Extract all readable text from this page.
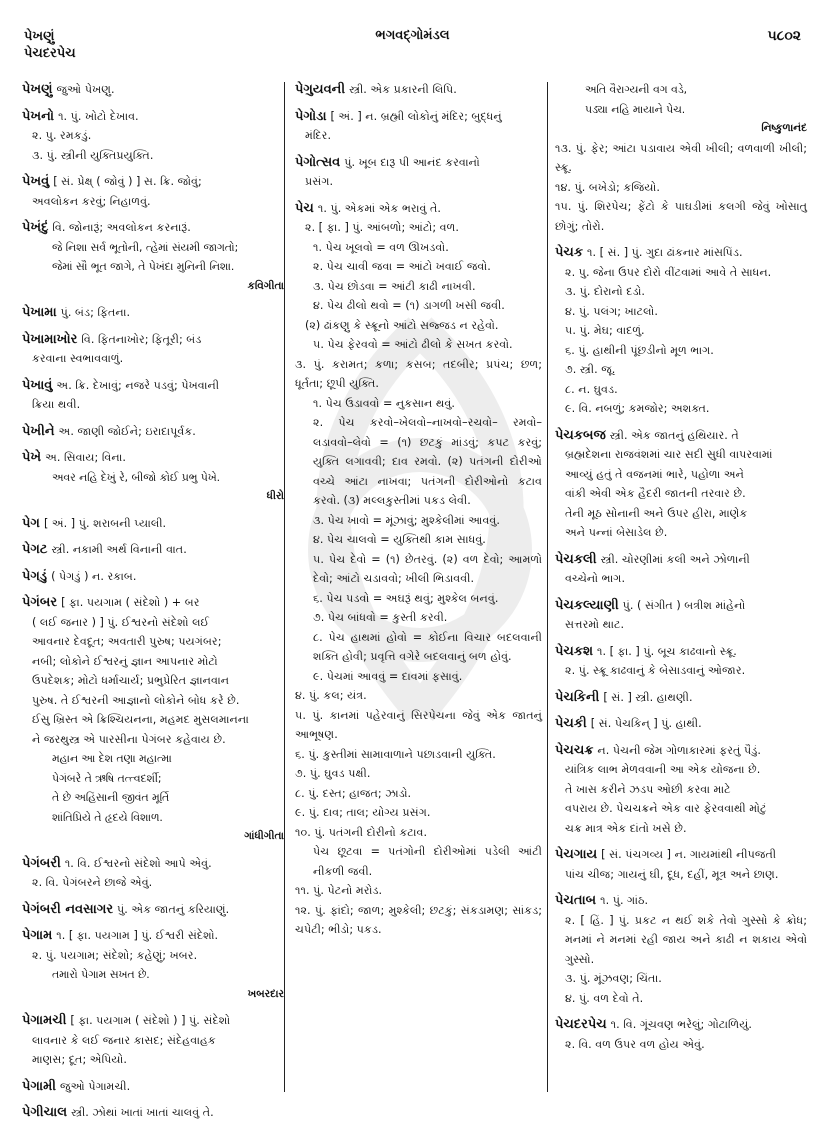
પેખણું
પેચદરપેચ
ભગવદ્ગોમંડલ	૫૮૦૨
પેખણું જુઓ પેખણુ.
પેખનો ૧. પું. ખોટો દેખાવ.
૨. પુ. રમકડું.
૩. પું. સ્ત્રીની યુક્તિપ્રયુક્તિ.
પેખવું [ સં. પ્રેક્ષ્ ( જોવું ) ] સ. ક્રિ. જોવું;
અવલોકન કરવું; નિહાળવું.
પેખંદું વિ. જોનારૂં; અવલોકન કરનારૂં.
જે નિશા સર્વ ભૂતોની, ત્હેમાં સંયમી જાગતો;
જેમાં સૌ ભૂત જાગે, તે પેખંદા મુનિની નિશા.
કવિગીતા
પેખામા પું. બંડ; ફિતના.
પેખામાખોર વિ. ફિતનાખોર; ફિતૂરી; બંડ
કરવાના સ્વભાવવાળું.
પેખાવું અ. ક્રિ. દેખાવું; નજરે પડવું; પેખવાની
ક્રિયા થવી.
પેખીને અ. જાણી જોઈને; ઇરાદાપૂર્વક.
પેખે અ. સિવાય; વિના.
અવર નહિ દેખું રે, બીજો કોઈ પ્રભુ પેખે.
ધીરો
પેગ [ અં. ] પું. શરાબની પ્યાલી.
પેગટ સ્ત્રી. નકામી અર્થ વિનાની વાત.
પેગડું ( પેગડું ) ન. રકાબ.
પેગંબર [ ફા. પયગામ ( સંદેશો ) + બર
( લઈ જનાર ) ] પું. ઈશ્વરનો સંદેશો લઈ
આવનાર દેવદૂત; અવતારી પુરુષ; પયગંબર;
નબી; લોકોને ઈશ્વરનું જ્ઞાન આપનાર મોટો
ઉપદેશક; મોટો ધર્માચાર્ય; પ્રભુપ્રેરિત જ્ઞાનવાન
પુરુષ. તે ઈશ્વરની આજ્ઞાનો લોકોને બોધ કરે છે.
ઈસુ ખ્રિસ્ત એ ક્રિશ્ચિયનના, મહમદ મુસલમાનના
ને જરથુસ્ત્ર એ પારસીના પેગંબર કહેવાય છે.
મહાન આ દેશ તણા મહાત્મા
પેગંબરે તે ઋષિ તત્ત્વદર્શી;
તે છે અહિંસાની જીવંત મૂર્તિ
શાંતિપ્રિયે તે હૃદયે વિશાળ.
ગાંધીગીતા
પેગંબરી ૧. વિ. ઈશ્વરનો સંદેશો આપે એવું.
૨. વિ. પેગંબરને છાજે એવું.
પેગંબરી નવસાગર પું. એક જાતનું કરિયાણું.
પેગામ ૧. [ ફા. પયગામ ] પું. ઈશ્વરી સંદેશો.
૨. પું. પયગામ; સંદેશો; કહેણું; ખબર.
તમારો પેગામ સખત છે.
ખબરદાર
પેગામચી [ ફા. પયગામ ( સંદેશો ) ] પું. સંદેશો
લાવનાર કે લઈ જનાર કાસદ; સંદેહવાહક
માણસ; દૂત; એપિયો.
પેગામી જુઓ પેગામચી.
પેગીચાલ સ્ત્રી. ઝોથાં ખાતાં ખાતાં ચાલવું તે.
પેગુયવની સ્ત્રી. એક પ્રકારની લિપિ.
પેગોડા [ અં. ] ન. બ્રહ્મી લોકોનું મંદિર; બુદ્ધનું
મંદિર.
પેગોત્સવ પું. ખૂબ દારૂ પી આનંદ કરવાનો
પ્રસંગ.
પેચ ૧. પું. એકમાં એક ભરાવું તે.
૨. [ ફા. ] પું. આંબળો; આંટો; વળ.
૧. પેચ ખૂલવો = વળ ઊખડવો.
૨. પેચ ચાવી જવા = આંટો ખવાઈ જવો.
૩. પેચ છોડવા = આંટી કાઢી નાખવી.
૪. પેચ ઢીલો થવો = (૧) ડાગળી ખસી જવી.
(૨) ઢાંકણુ કે સ્ક્રૂનો આંટો સજ્જડ ન રહેવો.
૫. પેચ ફેરવવો = આંટો ઢીલો કે સખત કરવો.
૩. પું. કરામત; કળા; કસબ; તદબીર; પ્રપંચ; છળ; ધૂર્તતા; છૂપી યુક્તિ.
૧. પેચ ઉડાવવો = નુકસાન થવું.
૨. પેચ કરવો–ખેલવો–નાખવો–રચવો– રમવો–લડાવવો–લેવો = (૧) છટકું માંડવું; કપટ કરવું; યુક્તિ લગાવવી; દાવ રમવો. (૨) પતંગની દોરીઓ વચ્ચે આંટા નાખવા; પતંગની દોરીઓનો કટાવ કરવો. (૩) મલ્લકુસ્તીમાં પકડ લેવી.
૩. પેચ ખાવો = મૂંઝાવું; મુશ્કેલીમાં આવવું.
૪. પેચ ચાલવો = યુક્તિથી કામ સાધવું.
૫. પેચ દેવો = (૧) છેતરવું. (૨) વળ દેવો; આમળો દેવો; આંટો ચડાવવો; ખીલી ભિડાવવી.
૬. પેચ પડવો = અઘરૂં થવું; મુશ્કેલ બનવું.
૭. પેચ બાંધવો = કુસ્તી કરવી.
૮. પેચ હાથમાં હોવો = કોઈના વિચાર બદલવાની શક્તિ હોવી; પ્રવૃત્તિ વગેરે બદલવાનું બળ હોવું.
૯. પેચમાં આવવું = દાવમાં ફસાવું.
૪. પું. કલ; યંત્ર.
૫. પું. કાનમાં પહેરવાનું સિરપેચના જેવું એક જાતનું આભૂષણ.
૬. પું. કુસ્તીમાં સામાવાળાને પછાડવાની યુક્તિ.
૭. પું. ઘુવડ પક્ષી.
૮. પું. દસ્ત; હાજત; ઝાડો.
૯. પું. દાવ; તાલ; યોગ્ય પ્રસંગ.
૧૦. પું. પતંગની દોરીનો કટાવ.
પેચ છૂટવા = પતંગોની દોરીઓમાં પડેલી આંટી નીકળી જવી.
૧૧. પું. પેટનો મરોડ.
૧૨. પું. ફાંદો; જાળ; મુશ્કેલી; છટકું; સંકડામણ; સાંકડ; ચપેટી; ભીડો; પકડ.
અતિ વૈરાગ્યની વગ વડે,
પડ્યા નહિ માયાને પેચ.
નિષ્કુળાનંદ
૧૩. પું. ફેર; આંટા પડાવાય એવી ખીલી; વળવાળી ખીલી; સ્ક્રૂ.
૧૪. પું. બખેડો; કજિયો.
૧૫. પું. શિરપેચ; ફેંટો કે પાઘડીમાં કલગી જેવું ખોસાતુ છોગું; તોરો.
પેચક ૧. [ સં. ] પું. ગુદા ઢાંકનાર માંસપિંડ.
૨. પુ. જેના ઉપર દોરો વીંટવામાં આવે તે સાધન.
૩. પું. દોરાનો દડો.
૪. પું. પલંગ; ખાટલો.
૫. પું. મેઘ; વાદળું.
૬. પું. હાથીની પૂંછડીનો મૂળ ભાગ.
૭. સ્ત્રી. જૂ.
૮. ન. ઘુવડ.
૯. વિ. નબળું; કમજોર; અશક્ત.
પેચકબજ સ્ત્રી. એક જાતનું હથિયાર. તે
બ્રહ્મદેશના રાજવંશમાં ચાર સદી સુધી વાપરવામાં
આવ્યું હતું તે વજનમાં ભારે, પહોળા અને
વાંકી એવી એક હૈદરી જાતની તરવાર છે.
તેની મૂઠ સોનાની અને ઉપર હીરા, માણેક
અને પન્નાં બેસાડેલ છે.
પેચકલી સ્ત્રી. ચોરણીમાં કલી અને ઝોળાની
વચ્ચેનો ભાગ.
પેચકલ્યાણી પું. ( સંગીત ) બત્રીશ માંહેનો
સત્તરમો થાટ.
પેચકશ ૧. [ ફા. ] પું. બૂચ કાઢવાનો સ્ક્રૂ.
૨. પું. સ્ક્રૂ કાઢવાનું કે બેસાડવાનું ઓજાર.
પેચકિની [ સં. ] સ્ત્રી. હાથણી.
પેચકી [ સં. પેચકિન્ ] પું. હાથી.
પેચચક્ર ન. પેચની જેમ ગોળાકારમાં ફરતું પૈડું.
યાંત્રિક લાભ મેળવવાની આ એક યોજના છે.
તે ખાસ કરીને ઝડપ ઓછી કરવા માટે
વપરાય છે. પેચચક્રને એક વાર ફેરવવાથી મોટું
ચક્ર માત્ર એક દાંતો ખસે છે.
પેચગાય [ સં. પંચગવ્ય ] ન. ગાયમાંથી નીપજતી
પાંચ ચીજ; ગાયનું ઘી, દૂધ, દહીં, મૂત્ર અને છાણ.
પેચતાબ ૧. પું. ગાંઠ.
૨. [ હિં. ] પું. પ્રકટ ન થઈ શકે તેવો ગુસ્સો કે ક્રોધ; મનમાં ને મનમાં રહી જાય અને કાઢી ન શકાય એવો ગુસ્સો.
૩. પું. મૂંઝવણ; ચિંતા.
૪. પું. વળ દેવો તે.
પેચદરપેચ ૧. વિ. ગૂંચવણ ભરેલું; ગોટાળિયું.
૨. વિ. વળ ઉપર વળ હોય એવું.
